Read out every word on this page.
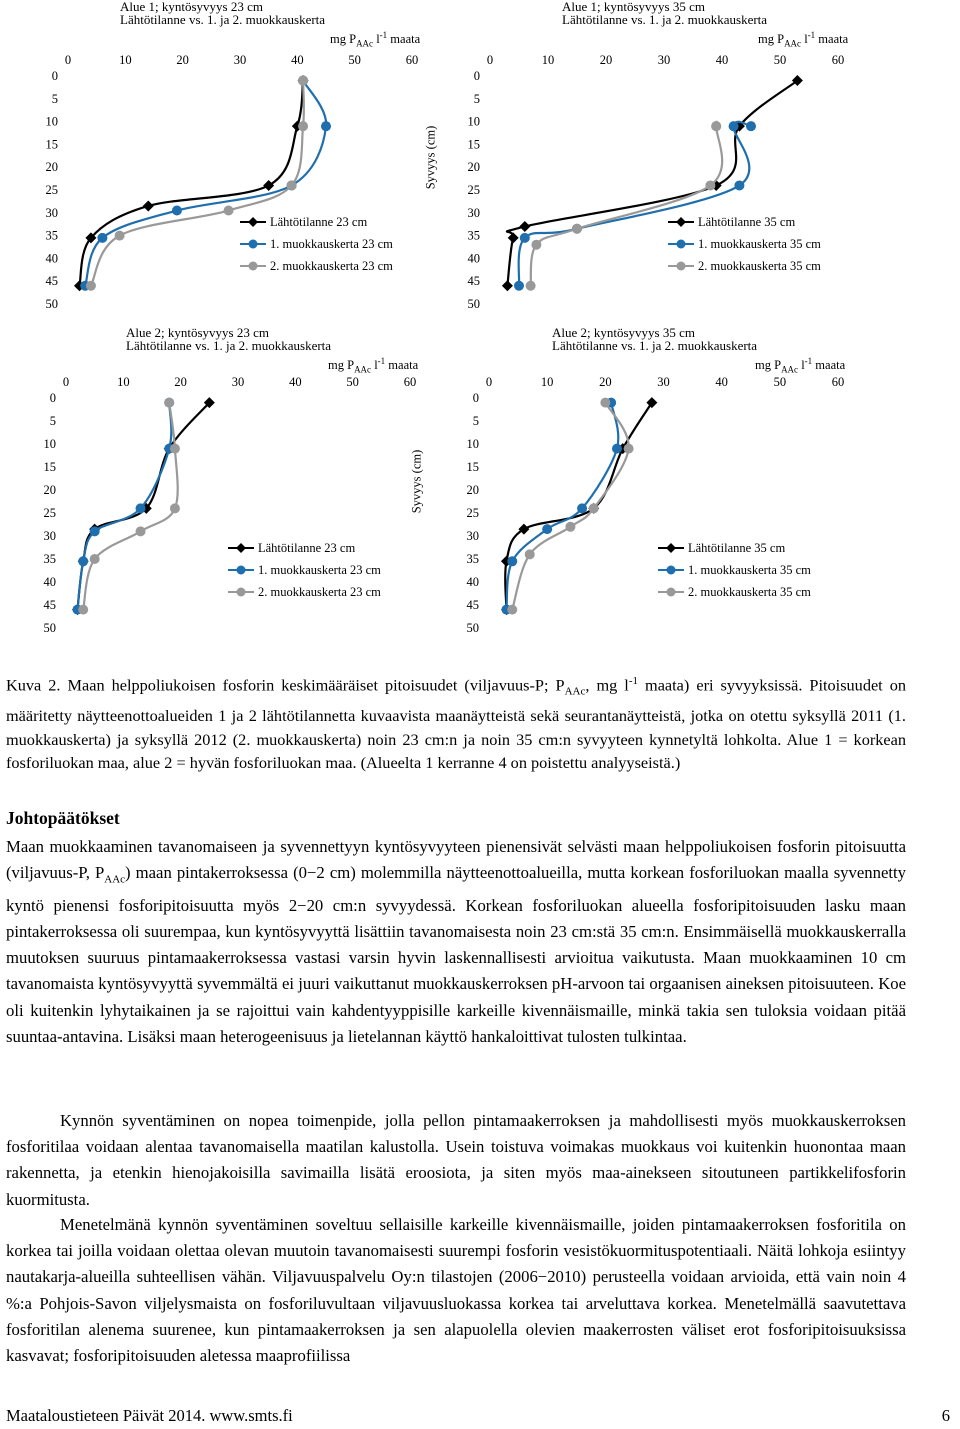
Alue 1; kyntösyvyys 23 cm
Lähtötilanne vs. 1. ja 2. muokkauskerta
mg $P_{AAc}$ $l^{-1}$ maata
0	10	20	30	40	50	60
0
5
10
15
20
25
30
35
40
45
50
Lähtötilanne 23 cm
1. muokkauskerta 23 cm
2. muokkauskerta 23 cm
Alue 1; kyntösyvyys 35 cm
Lähtötilanne vs. 1. ja 2. muokkauskerta
mg $P_{AAc}$ $l^{-1}$ maata
Syvyys (cm)
0	10	20	30	40	50	60
0
5
10
15
20
25
30
35
40
45
50
Lähtötilanne 35 cm
1. muokkauskerta 35 cm
2. muokkauskerta 35 cm
Alue 2; kyntösyvyys 23 cm
Lähtötilanne vs. 1. ja 2. muokkauskerta
mg $P_{AAc}$ $l^{-1}$ maata
0	10	20	30	40	50	60
0
5
10
15
20
25
30
35
40
45
50
Lähtötilanne 23 cm
1. muokkauskerta 23 cm
2. muokkauskerta 23 cm
Alue 2; kyntösyvyys 35 cm
Lähtötilanne vs. 1. ja 2. muokkauskerta
mg $P_{AAc}$ $l^{-1}$ maata
Syvyys (cm)
0	10	20	30	40	50	60
0
5
10
15
20
25
30
35
40
45
50
Lähtötilanne 35 cm
1. muokkauskerta 35 cm
2. muokkauskerta 35 cm
Kuva 2. Maan helppoliukoisen fosforin keskimääräiset pitoisuudet (viljavuus-P; $P_{AAc}$, mg $l^{-1}$ maata) eri syvyyksissä. Pitoisuudet on määritetty näytteenottoalueiden 1 ja 2 lähtötilannetta kuvaavista maanäytteistä sekä seurantanäytteistä, jotka on otettu syksyllä 2011 (1. muokkauskerta) ja syksyllä 2012 (2. muokkauskerta) noin 23 cm:n ja noin 35 cm:n syvyyteen kynnetyltä lohkolta. Alue 1 = korkean fosforiluokan maa, alue 2 = hyvän fosforiluokan maa. (Alueelta 1 kerranne 4 on poistettu analyyseistä.)
Johtopäätökset
Maan muokkaaminen tavanomaiseen ja syvennettyyn kyntösyvyyteen pienensivät selvästi maan helppoliukoisen fosforin pitoisuutta (viljavuus-P, $P_{AAc}$) maan pintakerroksessa (0−2 cm) molemmilla näytteenottoalueilla, mutta korkean fosforiluokan maalla syvennetty kyntö pienensi fosforipitoisuutta myös 2−20 cm:n syvyydessä. Korkean fosforiluokan alueella fosforipitoisuuden lasku maan pintakerroksessa oli suurempaa, kun kyntösyvyyttä lisättiin tavanomaisesta noin 23 cm:stä 35 cm:n. Ensimmäisellä muokkauskerralla muutoksen suuruus pintamaakerroksessa vastasi varsin hyvin laskennallisesti arvioitua vaikutusta. Maan muokkaaminen 10 cm tavanomaista kyntösyvyyttä syvemmältä ei juuri vaikuttanut muokkauskerroksen pH-arvoon tai orgaanisen aineksen pitoisuuteen. Koe oli kuitenkin lyhytaikainen ja se rajoittui vain kahdentyyppisille karkeille kivennäismaille, minkä takia sen tuloksia voidaan pitää suuntaa-antavina. Lisäksi maan heterogeenisuus ja lietelannan käyttö hankaloittivat tulosten tulkintaa.
Kynnön syventäminen on nopea toimenpide, jolla pellon pintamaakerroksen ja mahdollisesti myös muokkauskerroksen fosforitilaa voidaan alentaa tavanomaisella maatilan kalustolla. Usein toistuva voimakas muokkaus voi kuitenkin huonontaa maan rakennetta, ja etenkin hienojakoisilla savimailla lisätä eroosiota, ja siten myös maa-ainekseen sitoutuneen partikkelifosforin kuormitusta.
Menetelmänä kynnön syventäminen soveltuu sellaisille karkeille kivennäismaille, joiden pintamaakerroksen fosforitila on korkea tai joilla voidaan olettaa olevan muutoin tavanomaisesti suurempi fosforin vesistökuormituspotentiaali. Näitä lohkoja esiintyy nautakarja-alueilla suhteellisen vähän. Viljavuuspalvelu Oy:n tilastojen (2006−2010) perusteella voidaan arvioida, että vain noin 4 %:a Pohjois-Savon viljelysmaista on fosforiluvultaan viljavuusluokassa korkea tai arveluttava korkea. Menetelmällä saavutettava fosforitilan alenema suurenee, kun pintamaakerroksen ja sen alapuolella olevien maakerrosten väliset erot fosforipitoisuuksissa kasvavat; fosforipitoisuuden aletessa maaprofiilissa
Maataloustieteen Päivät 2014. www.smts.fi	6
